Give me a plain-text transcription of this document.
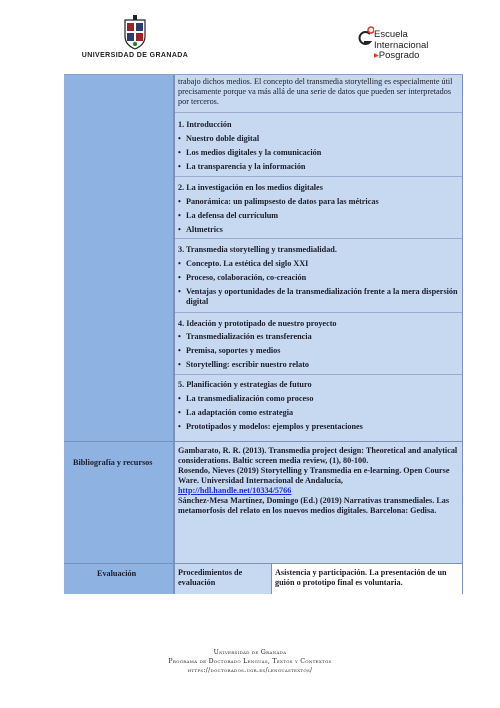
UNIVERSIDAD DE GRANADA
Escuela
Internacional
▸Posgrado
trabajo dichos medios. El concepto del transmedia storytelling es especialmente útil precisamente porque va más allá de una serie de datos que pueden ser interpretados por terceros.
1. Introducción
• Nuestro doble digital
• Los medios digitales y la comunicación
• La transparencia y la información
2. La investigación en los medios digitales
• Panorámica: un palimpsesto de datos para las métricas
• La defensa del currículum
• Altmetrics
3. Transmedia storytelling y transmedialidad.
• Concepto. La estética del siglo XXI
• Proceso, colaboración, co-creación
• Ventajas y oportunidades de la transmedialización frente a la mera dispersión digital
4. Ideación y prototipado de nuestro proyecto
• Transmedialización es transferencia
• Premisa, soportes y medios
• Storytelling: escribir nuestro relato
5. Planificación y estrategias de futuro
• La transmedialización como proceso
• La adaptación como estrategia
• Prototipados y modelos: ejemplos y presentaciones
Bibliografía y recursos
Gambarato, R. R. (2013). Transmedia project design: Theoretical and analytical considerations. Baltic screen media review, (1), 80-100.
Rosendo, Nieves (2019) Storytelling y Transmedia en e-learning. Open Course Ware. Universidad Internacional de Andalucía,
http://hdl.handle.net/10334/5766
Sánchez-Mesa Martínez, Domingo (Ed.) (2019) Narrativas transmediales. Las metamorfosis del relato en los nuevos medios digitales. Barcelona: Gedisa.
Evaluación	Procedimientos de evaluación
Asistencia y participación. La presentación de un guión o prototipo final es voluntaria.
Universidad de Granada
Programa de Doctorado Lenguas, Textos y Contextos
https://doctorados.ugr.es/lenguastextos/
